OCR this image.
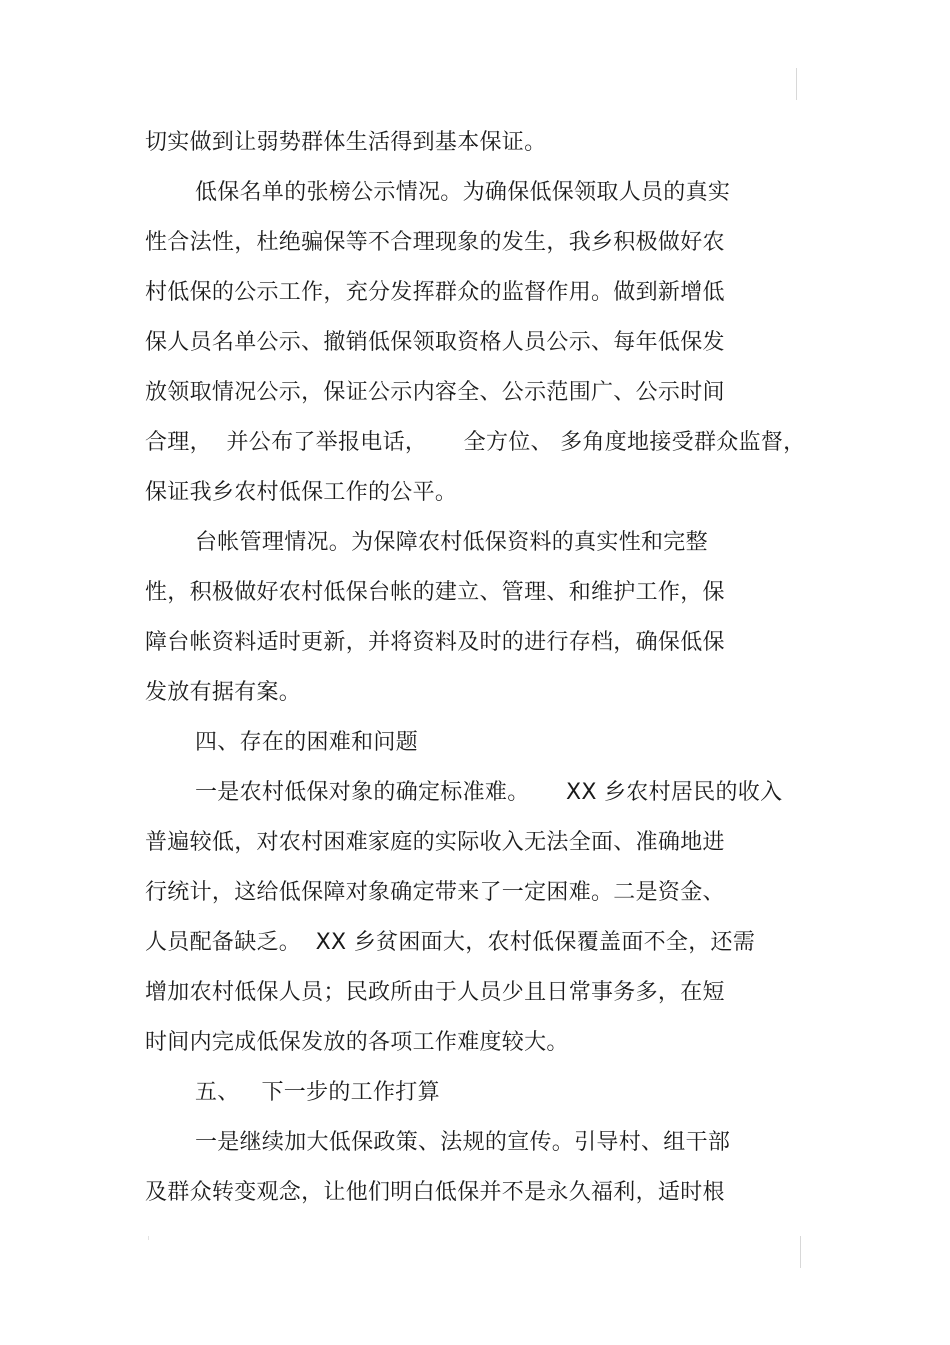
切实做到让弱势群体生活得到基本保证。
低保名单的张榜公示情况。为确保低保领取人员的真实
性合法性，杜绝骗保等不合理现象的发生，我乡积极做好农
村低保的公示工作，充分发挥群众的监督作用。做到新增低
保人员名单公示、撤销低保领取资格人员公示、每年低保发
放领取情况公示，保证公示内容全、公示范围广、公示时间
合理，  并公布了举报电话，     全方位、 多角度地接受群众监督，
保证我乡农村低保工作的公平。
台帐管理情况。为保障农村低保资料的真实性和完整
性，积极做好农村低保台帐的建立、管理、和维护工作，保
障台帐资料适时更新，并将资料及时的进行存档，确保低保
发放有据有案。
四、存在的困难和问题
一是农村低保对象的确定标准难。     XX 乡农村居民的收入
普遍较低，对农村困难家庭的实际收入无法全面、准确地进
行统计，这给低保障对象确定带来了一定困难。二是资金、
人员配备缺乏。  XX 乡贫困面大，农村低保覆盖面不全，还需
增加农村低保人员；民政所由于人员少且日常事务多，在短
时间内完成低保发放的各项工作难度较大。
五、   下一步的工作打算
一是继续加大低保政策、法规的宣传。引导村、组干部
及群众转变观念，让他们明白低保并不是永久福利，适时根
